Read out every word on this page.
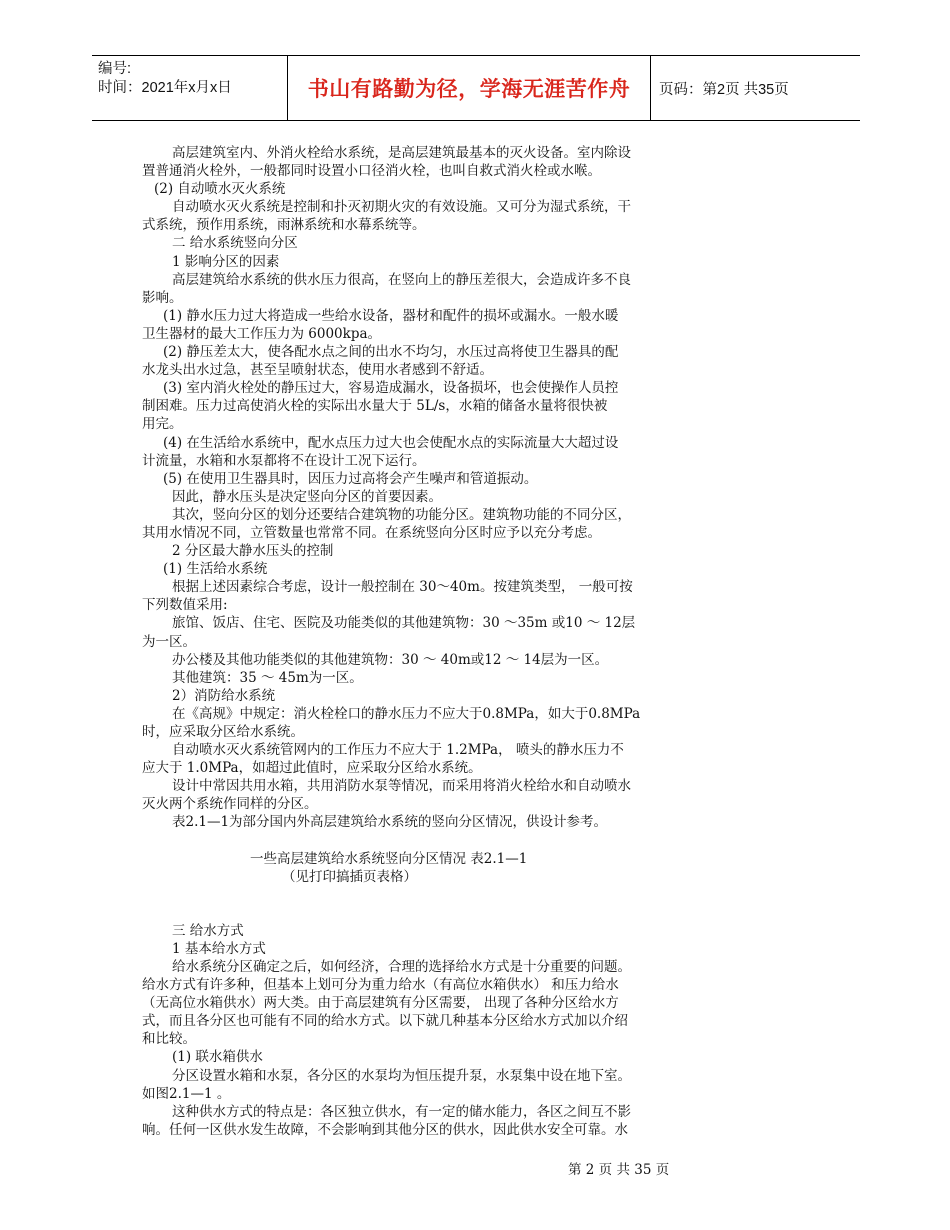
编号:
时间：2021年x月x日	书山有路勤为径，学海无涯苦作舟 页码：第2页 共35页

高层建筑室内、外消火栓给水系统，是高层建筑最基本的灭火设备。室内除设

置普通消火栓外，一般都同时设置小口径消火栓，也叫自救式消火栓或水喉。

(2) 自动喷水灭火系统

自动喷水灭火系统是控制和扑灭初期火灾的有效设施。又可分为湿式系统，干

式系统，预作用系统，雨淋系统和水幕系统等。

二 给水系统竖向分区

1 影响分区的因素

高层建筑给水系统的供水压力很高，在竖向上的静压差很大，会造成许多不良

影响。

(1) 静水压力过大将造成一些给水设备，器材和配件的损坏或漏水。一般水暖

卫生器材的最大工作压力为 6000kpa。

(2) 静压差太大，使各配水点之间的出水不均匀，水压过高将使卫生器具的配

水龙头出水过急，甚至呈喷射状态，使用水者感到不舒适。

(3) 室内消火栓处的静压过大，容易造成漏水，设备损坏，也会使操作人员控

制困难。压力过高使消火栓的实际出水量大于 5L/s，水箱的储备水量将很快被

用完。

(4) 在生活给水系统中，配水点压力过大也会使配水点的实际流量大大超过设

计流量，水箱和水泵都将不在设计工况下运行。

(5) 在使用卫生器具时，因压力过高将会产生噪声和管道振动。

因此，静水压头是决定竖向分区的首要因素。

其次，竖向分区的划分还要结合建筑物的功能分区。建筑物功能的不同分区，

其用水情况不同，立管数量也常常不同。在系统竖向分区时应予以充分考虑。

2 分区最大静水压头的控制

(1) 生活给水系统

根据上述因素综合考虑，设计一般控制在 30～40m。按建筑类型， 一般可按

下列数值采用:

旅馆、饭店、住宅、医院及功能类似的其他建筑物：30 ～35m 或10 ～ 12层

为一区。

办公楼及其他功能类似的其他建筑物：30 ～ 40m或12 ～ 14层为一区。

其他建筑：35 ～ 45m为一区。

2）消防给水系统

在《高规》中规定：消火栓栓口的静水压力不应大于0.8MPa，如大于0.8MPa

时，应采取分区给水系统。

自动喷水灭火系统管网内的工作压力不应大于 1.2MPa， 喷头的静水压力不

应大于 1.0MPa，如超过此值时，应采取分区给水系统。

设计中常因共用水箱，共用消防水泵等情况，而采用将消火栓给水和自动喷水

灭火两个系统作同样的分区。

表2.1—1为部分国内外高层建筑给水系统的竖向分区情况，供设计参考。

一些高层建筑给水系统竖向分区情况 表2.1—1

（见打印搞插页表格）

三 给水方式

1 基本给水方式

给水系统分区确定之后，如何经济，合理的选择给水方式是十分重要的问题。

给水方式有许多种，但基本上划可分为重力给水（有高位水箱供水） 和压力给水

（无高位水箱供水）两大类。由于高层建筑有分区需要， 出现了各种分区给水方

式，而且各分区也可能有不同的给水方式。以下就几种基本分区给水方式加以介绍

和比较。

(1) 联水箱供水

分区设置水箱和水泵，各分区的水泵均为恒压提升泵，水泵集中设在地下室。

如图2.1—1 。

这种供水方式的特点是：各区独立供水，有一定的储水能力，各区之间互不影

响。任何一区供水发生故障，不会影响到其他分区的供水，因此供水安全可靠。水

第 2 页 共 35 页
